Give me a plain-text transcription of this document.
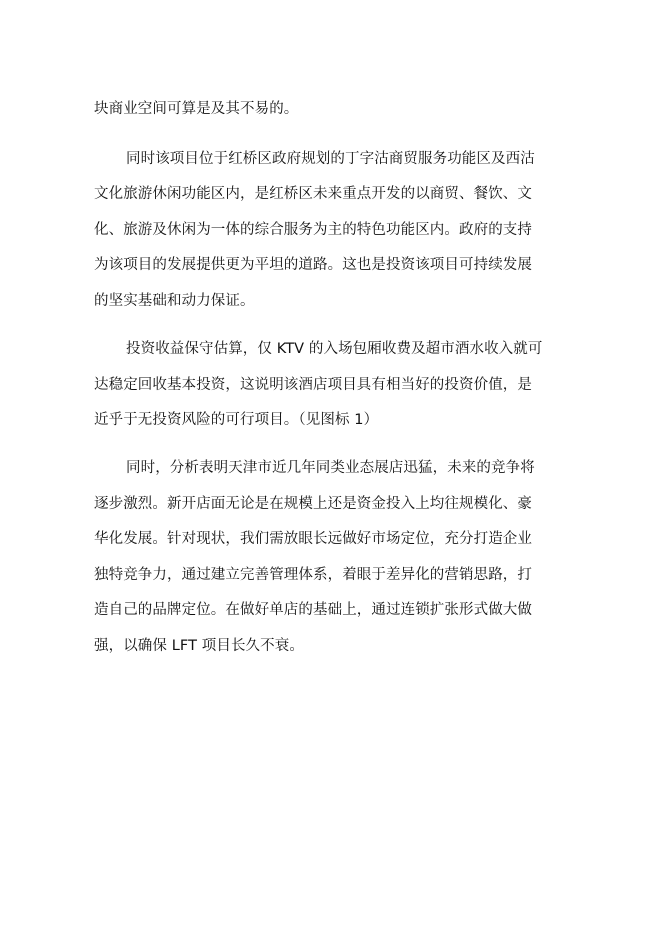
块商业空间可算是及其不易的。
同时该项目位于红桥区政府规划的丁字沽商贸服务功能区及西沽
文化旅游休闲功能区内，是红桥区未来重点开发的以商贸、餐饮、文
化、旅游及休闲为一体的综合服务为主的特色功能区内。政府的支持
为该项目的发展提供更为平坦的道路。这也是投资该项目可持续发展
的坚实基础和动力保证。
投资收益保守估算，仅 KTV 的入场包厢收费及超市酒水收入就可
达稳定回收基本投资，这说明该酒店项目具有相当好的投资价值，是
近乎于无投资风险的可行项目。（见图标 1）
同时，分析表明天津市近几年同类业态展店迅猛，未来的竞争将
逐步激烈。新开店面无论是在规模上还是资金投入上均往规模化、豪
华化发展。针对现状，我们需放眼长远做好市场定位，充分打造企业
独特竞争力，通过建立完善管理体系，着眼于差异化的营销思路，打
造自己的品牌定位。在做好单店的基础上，通过连锁扩张形式做大做
强，以确保 LFT 项目长久不衰。
